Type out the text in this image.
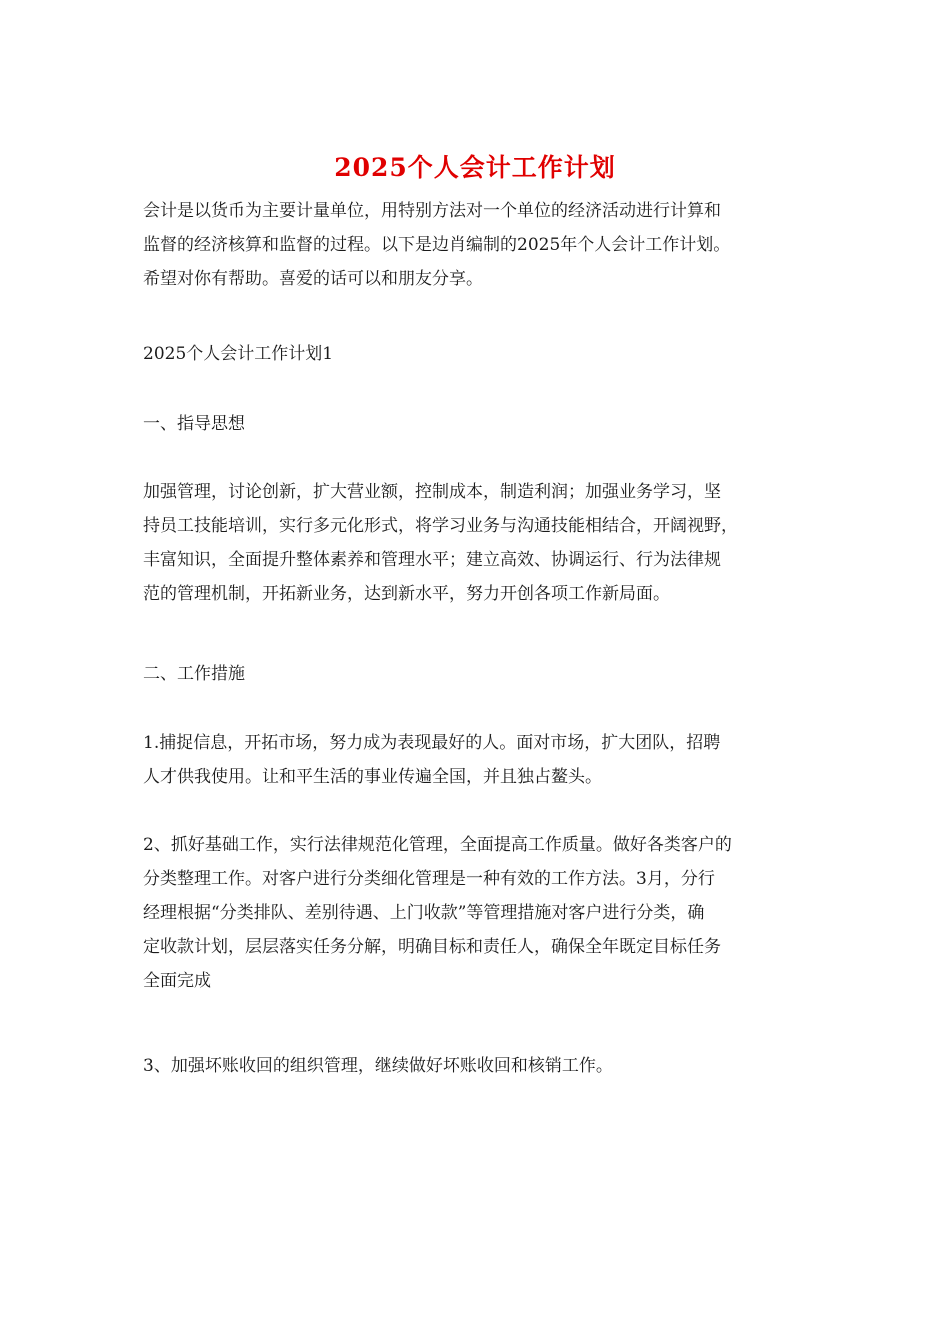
2025个人会计工作计划
会计是以货币为主要计量单位，用特别方法对一个单位的经济活动进行计算和
监督的经济核算和监督的过程。以下是边肖编制的2025年个人会计工作计划。
希望对你有帮助。喜爱的话可以和朋友分享。
2025个人会计工作计划1
一、指导思想
加强管理，讨论创新，扩大营业额，控制成本，制造利润；加强业务学习，坚
持员工技能培训，实行多元化形式，将学习业务与沟通技能相结合，开阔视野，
丰富知识，全面提升整体素养和管理水平；建立高效、协调运行、行为法律规
范的管理机制，开拓新业务，达到新水平，努力开创各项工作新局面。
二、工作措施
1.捕捉信息，开拓市场，努力成为表现最好的人。面对市场，扩大团队，招聘
人才供我使用。让和平生活的事业传遍全国，并且独占鳌头。
2、抓好基础工作，实行法律规范化管理，全面提高工作质量。做好各类客户的
分类整理工作。对客户进行分类细化管理是一种有效的工作方法。3月，分行
经理根据“分类排队、差别待遇、上门收款”等管理措施对客户进行分类，确
定收款计划，层层落实任务分解，明确目标和责任人，确保全年既定目标任务
全面完成
3、加强坏账收回的组织管理，继续做好坏账收回和核销工作。
